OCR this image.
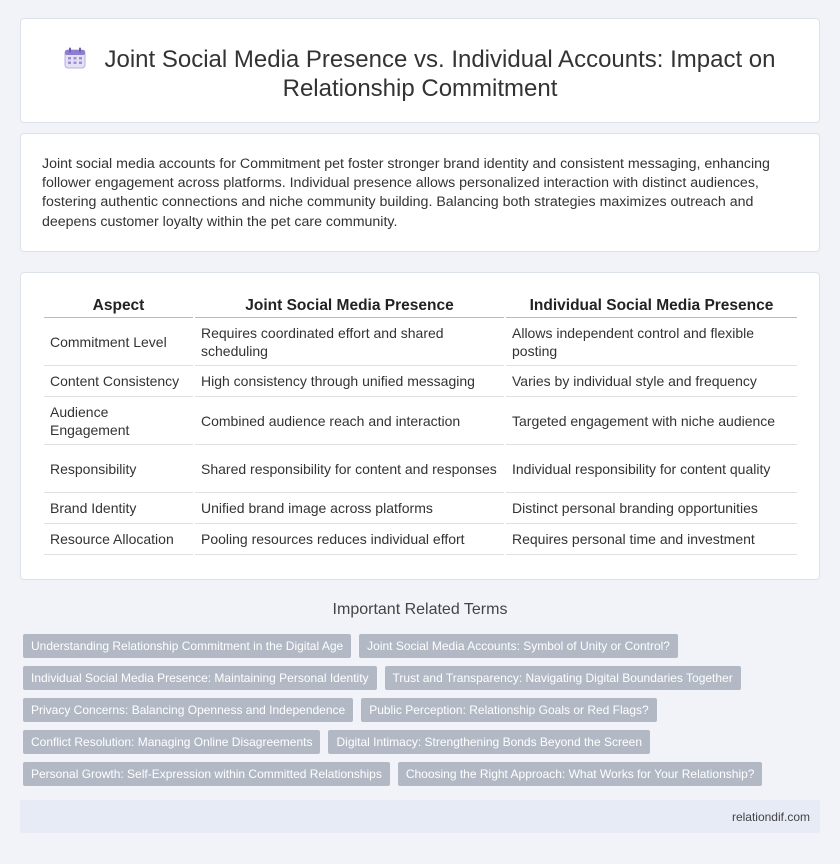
Joint Social Media Presence vs. Individual Accounts: Impact on Relationship Commitment

Joint social media accounts for Commitment pet foster stronger brand identity and consistent messaging, enhancing follower engagement across platforms. Individual presence allows personalized interaction with distinct audiences, fostering authentic connections and niche community building. Balancing both strategies maximizes outreach and deepens customer loyalty within the pet care community.

Aspect	Joint Social Media Presence	Individual Social Media Presence
Commitment Level	Requires coordinated effort and shared scheduling	Allows independent control and flexible posting
Content Consistency	High consistency through unified messaging	Varies by individual style and frequency
Audience Engagement	Combined audience reach and interaction	Targeted engagement with niche audience
Responsibility	Shared responsibility for content and responses	Individual responsibility for content quality
Brand Identity	Unified brand image across platforms	Distinct personal branding opportunities
Resource Allocation	Pooling resources reduces individual effort	Requires personal time and investment
Important Related Terms
Understanding Relationship Commitment in the Digital Age	Joint Social Media Accounts: Symbol of Unity or Control?
Individual Social Media Presence: Maintaining Personal Identity	Trust and Transparency: Navigating Digital Boundaries Together
Privacy Concerns: Balancing Openness and Independence	Public Perception: Relationship Goals or Red Flags?
Conflict Resolution: Managing Online Disagreements	Digital Intimacy: Strengthening Bonds Beyond the Screen
Personal Growth: Self-Expression within Committed Relationships	Choosing the Right Approach: What Works for Your Relationship?
relationdif.com
